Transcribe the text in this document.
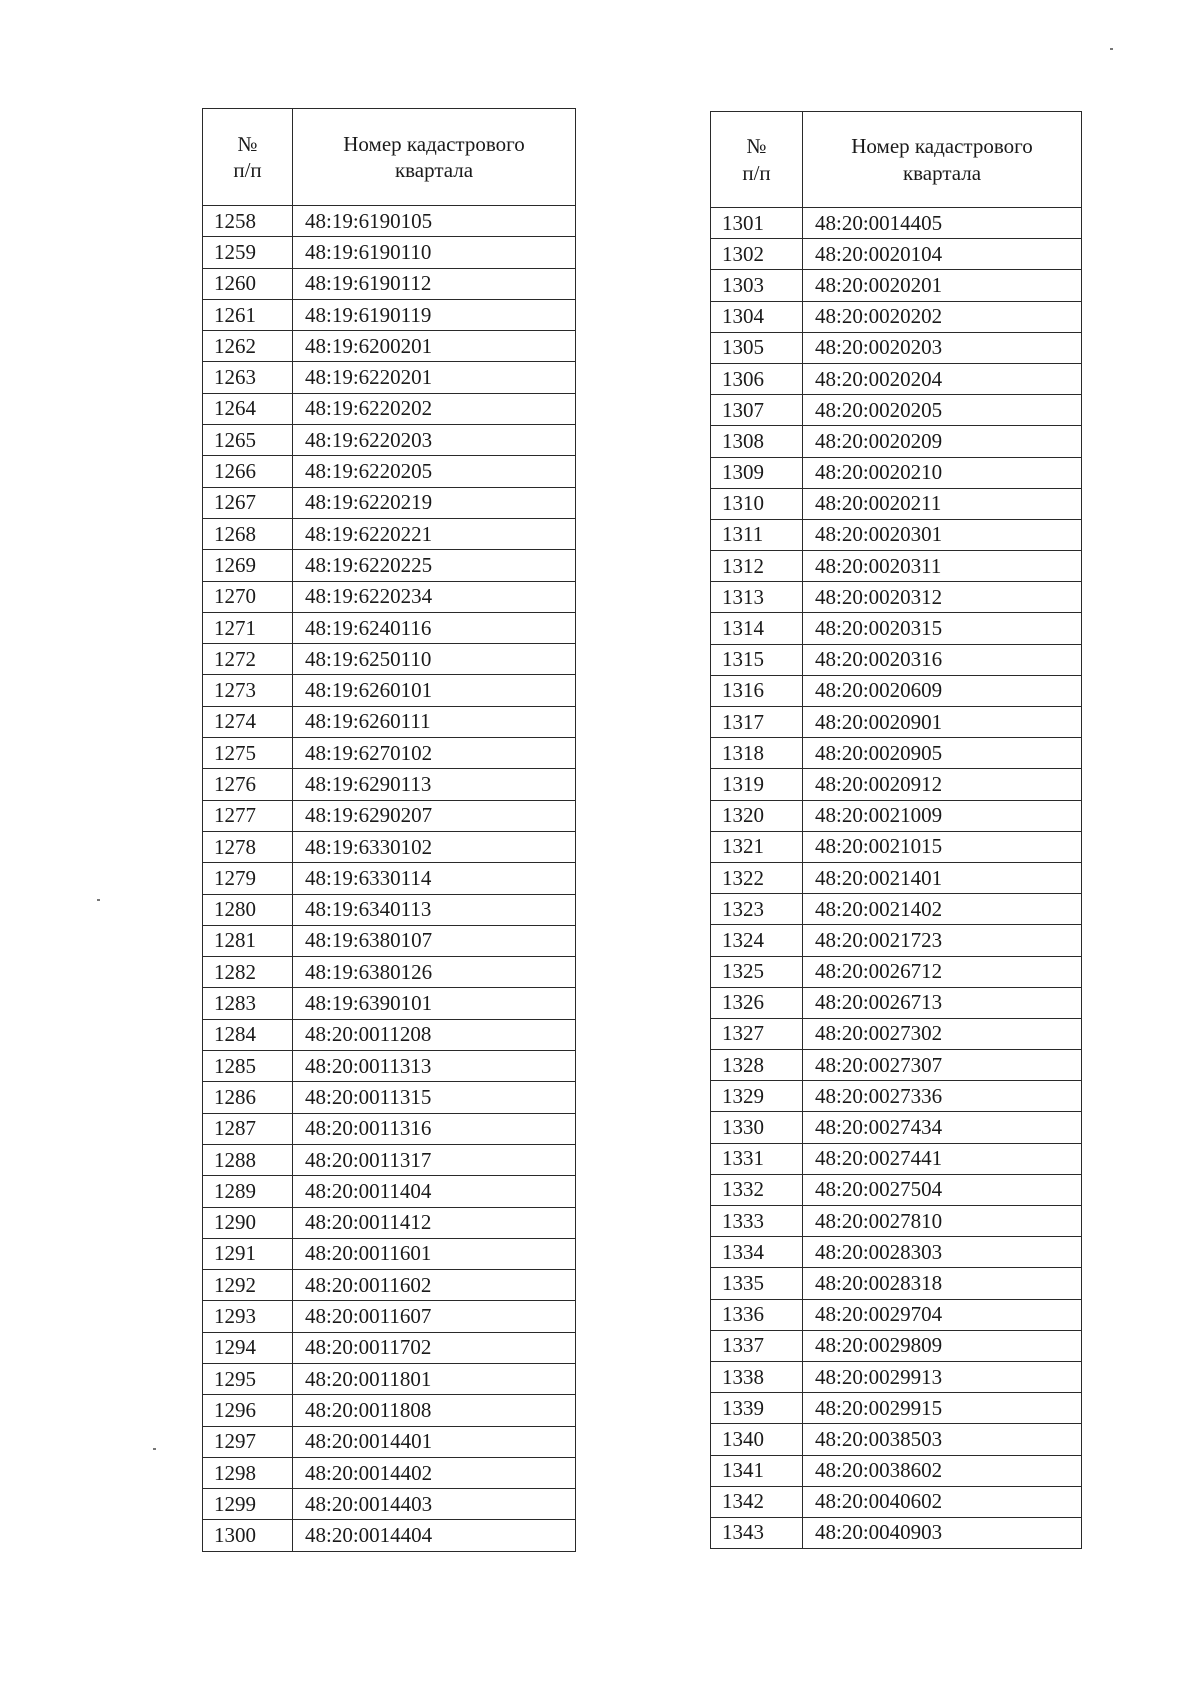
№
п/п	Номер кадастрового
квартала
1258	48:19:6190105
1259	48:19:6190110
1260	48:19:6190112
1261	48:19:6190119
1262	48:19:6200201
1263	48:19:6220201
1264	48:19:6220202
1265	48:19:6220203
1266	48:19:6220205
1267	48:19:6220219
1268	48:19:6220221
1269	48:19:6220225
1270	48:19:6220234
1271	48:19:6240116
1272	48:19:6250110
1273	48:19:6260101
1274	48:19:6260111
1275	48:19:6270102
1276	48:19:6290113
1277	48:19:6290207
1278	48:19:6330102
1279	48:19:6330114
1280	48:19:6340113
1281	48:19:6380107
1282	48:19:6380126
1283	48:19:6390101
1284	48:20:0011208
1285	48:20:0011313
1286	48:20:0011315
1287	48:20:0011316
1288	48:20:0011317
1289	48:20:0011404
1290	48:20:0011412
1291	48:20:0011601
1292	48:20:0011602
1293	48:20:0011607
1294	48:20:0011702
1295	48:20:0011801
1296	48:20:0011808
1297	48:20:0014401
1298	48:20:0014402
1299	48:20:0014403
1300	48:20:0014404
№
п/п	Номер кадастрового
квартала
1301	48:20:0014405
1302	48:20:0020104
1303	48:20:0020201
1304	48:20:0020202
1305	48:20:0020203
1306	48:20:0020204
1307	48:20:0020205
1308	48:20:0020209
1309	48:20:0020210
1310	48:20:0020211
1311	48:20:0020301
1312	48:20:0020311
1313	48:20:0020312
1314	48:20:0020315
1315	48:20:0020316
1316	48:20:0020609
1317	48:20:0020901
1318	48:20:0020905
1319	48:20:0020912
1320	48:20:0021009
1321	48:20:0021015
1322	48:20:0021401
1323	48:20:0021402
1324	48:20:0021723
1325	48:20:0026712
1326	48:20:0026713
1327	48:20:0027302
1328	48:20:0027307
1329	48:20:0027336
1330	48:20:0027434
1331	48:20:0027441
1332	48:20:0027504
1333	48:20:0027810
1334	48:20:0028303
1335	48:20:0028318
1336	48:20:0029704
1337	48:20:0029809
1338	48:20:0029913
1339	48:20:0029915
1340	48:20:0038503
1341	48:20:0038602
1342	48:20:0040602
1343	48:20:0040903
